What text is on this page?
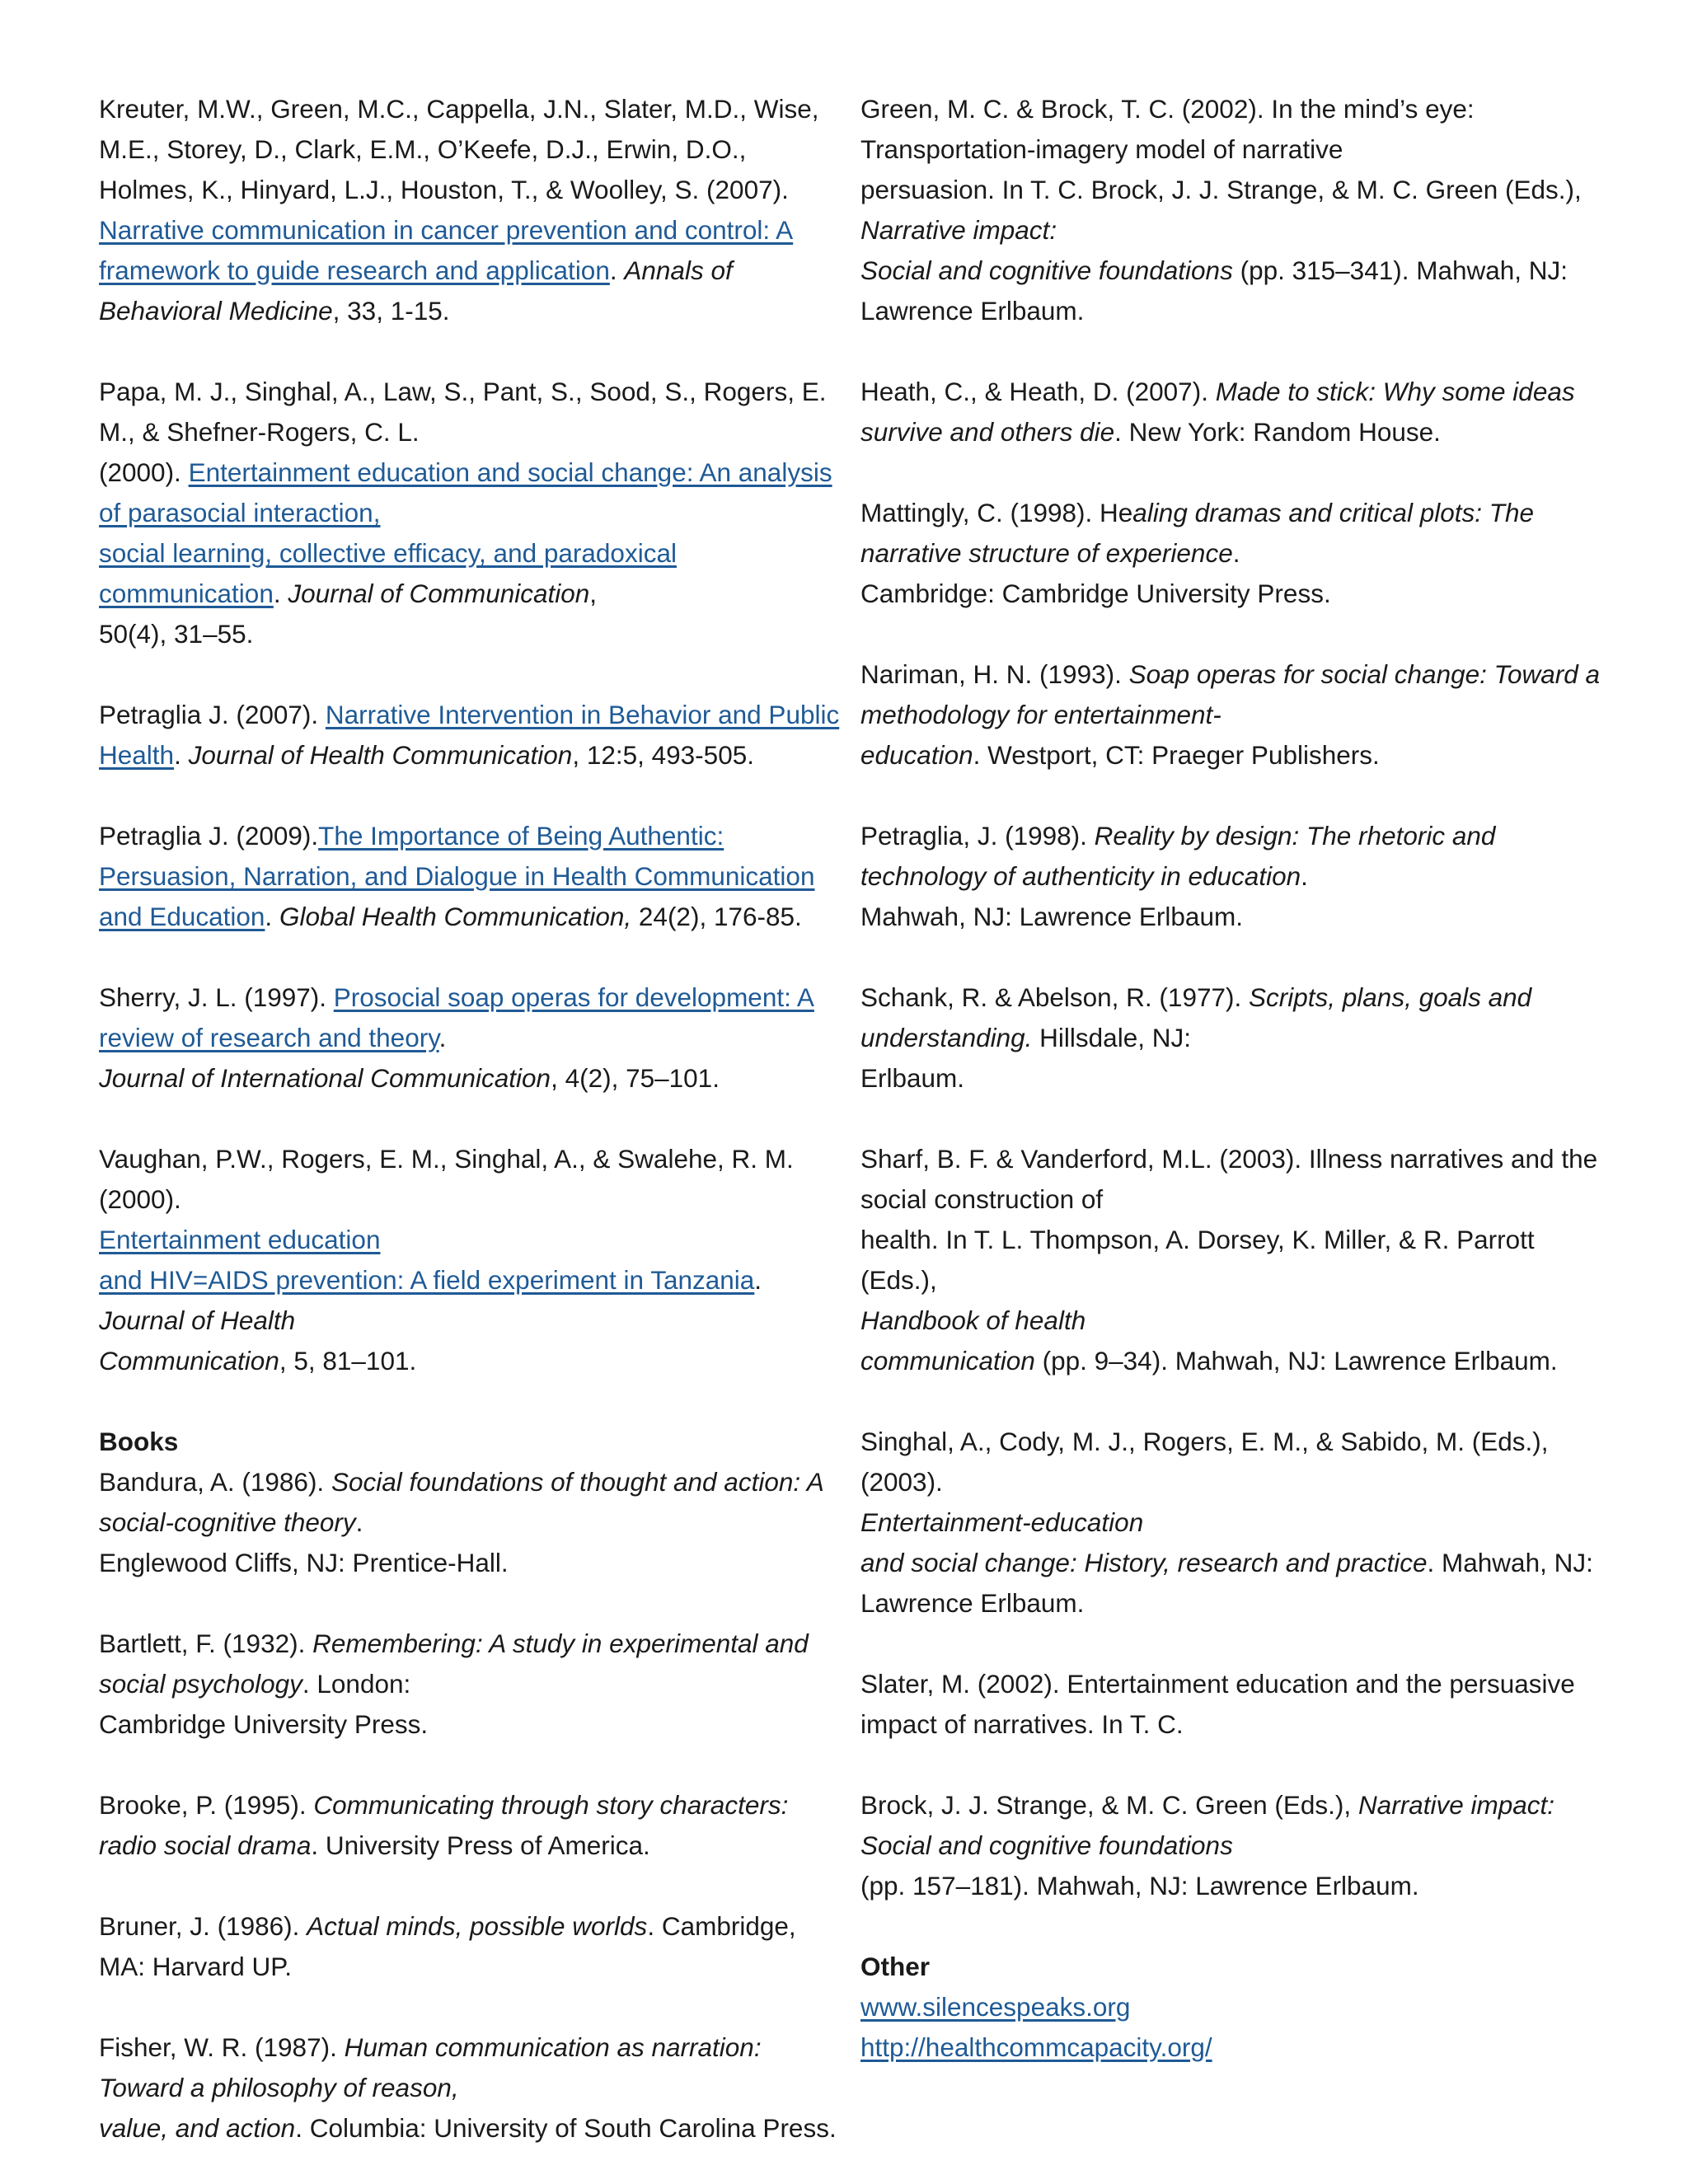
Kreuter, M.W., Green, M.C., Cappella, J.N., Slater, M.D., Wise, M.E., Storey, D., Clark, E.M., O’Keefe, D.J., Erwin, D.O., Holmes, K., Hinyard, L.J., Houston, T., & Woolley, S. (2007). Narrative communication in cancer prevention and control: A framework to guide research and application. Annals of Behavioral Medicine, 33, 1-15.
Papa, M. J., Singhal, A., Law, S., Pant, S., Sood, S., Rogers, E. M., & Shefner-Rogers, C. L.
(2000). Entertainment education and social change: An analysis of parasocial interaction,
social learning, collective efficacy, and paradoxical communication. Journal of Communication,
50(4), 31–55.
Petraglia J. (2007). Narrative Intervention in Behavior and Public Health. Journal of Health Communication, 12:5, 493-505.
Petraglia J. (2009).The Importance of Being Authentic: Persuasion, Narration, and Dialogue in Health Communication and Education. Global Health Communication, 24(2), 176-85.
Sherry, J. L. (1997). Prosocial soap operas for development: A review of research and theory.
Journal of International Communication, 4(2), 75–101.
Vaughan, P.W., Rogers, E. M., Singhal, A., & Swalehe, R. M. (2000).
Entertainment education
and HIV=AIDS prevention: A field experiment in Tanzania. Journal of Health
Communication, 5, 81–101.
Books
Bandura, A. (1986). Social foundations of thought and action: A social-cognitive theory.
Englewood Cliffs, NJ: Prentice-Hall.
Bartlett, F. (1932). Remembering: A study in experimental and social psychology. London:
Cambridge University Press.
Brooke, P. (1995). Communicating through story characters: radio social drama. University Press of America.
Bruner, J. (1986). Actual minds, possible worlds. Cambridge, MA: Harvard UP.
Fisher, W. R. (1987). Human communication as narration: Toward a philosophy of reason,
value, and action. Columbia: University of South Carolina Press.
Green, M. C. & Brock, T. C. (2002). In the mind’s eye: Transportation-imagery model of narrative
persuasion. In T. C. Brock, J. J. Strange, & M. C. Green (Eds.), Narrative impact:
Social and cognitive foundations (pp. 315–341). Mahwah, NJ: Lawrence Erlbaum.
Heath, C., & Heath, D. (2007). Made to stick: Why some ideas survive and others die. New York: Random House.
Mattingly, C. (1998). Healing dramas and critical plots: The narrative structure of experience.
Cambridge: Cambridge University Press.
Nariman, H. N. (1993). Soap operas for social change: Toward a methodology for entertainment-
education. Westport, CT: Praeger Publishers.
Petraglia, J. (1998). Reality by design: The rhetoric and technology of authenticity in education.
Mahwah, NJ: Lawrence Erlbaum.
Schank, R. & Abelson, R. (1977). Scripts, plans, goals and understanding. Hillsdale, NJ:
Erlbaum.
Sharf, B. F. & Vanderford, M.L. (2003). Illness narratives and the social construction of
health. In T. L. Thompson, A. Dorsey, K. Miller, & R. Parrott (Eds.),
Handbook of health
communication (pp. 9–34). Mahwah, NJ: Lawrence Erlbaum.
Singhal, A., Cody, M. J., Rogers, E. M., & Sabido, M. (Eds.), (2003).
Entertainment-education
and social change: History, research and practice. Mahwah, NJ: Lawrence Erlbaum.
Slater, M. (2002). Entertainment education and the persuasive impact of narratives. In T. C.
Brock, J. J. Strange, & M. C. Green (Eds.), Narrative impact: Social and cognitive foundations
(pp. 157–181). Mahwah, NJ: Lawrence Erlbaum.
Other
www.silencespeaks.org
http://healthcommcapacity.org/
